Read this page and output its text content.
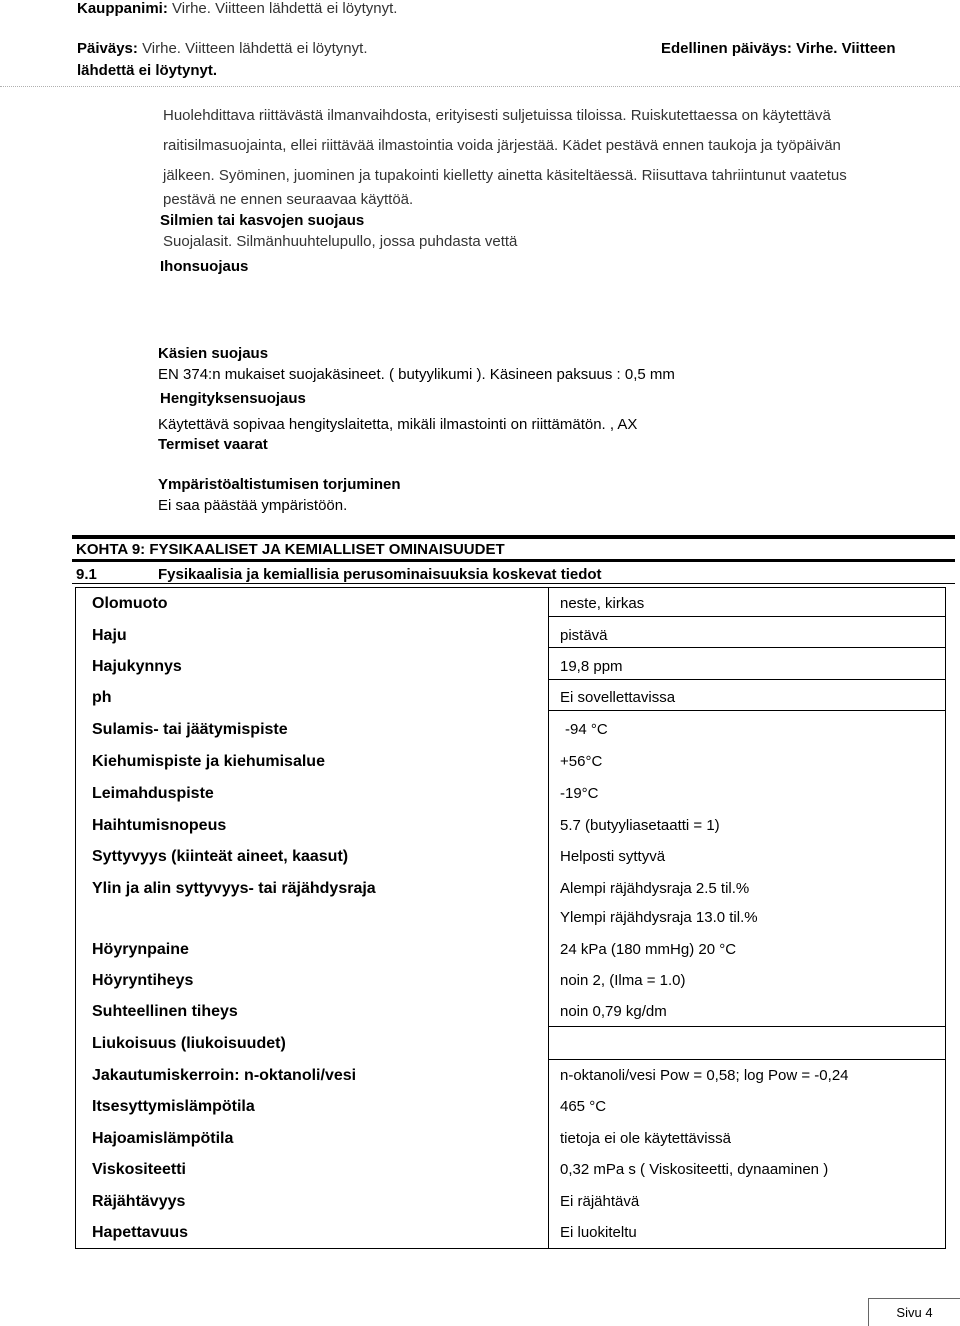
Kauppanimi: Virhe. Viitteen lähdettä ei löytynyt.
Päiväys: Virhe. Viitteen lähdettä ei löytynyt.
lähdettä ei löytynyt.
Edellinen päiväys: Virhe. Viitteen
Huolehdittava riittävästä ilmanvaihdosta, erityisesti suljetuissa tiloissa. Ruiskutettaessa on käytettävä
raitisilmasuojainta, ellei riittävää ilmastointia voida järjestää. Kädet pestävä ennen taukoja ja työpäivän
jälkeen. Syöminen, juominen ja tupakointi kielletty ainetta käsiteltäessä. Riisuttava tahriintunut vaatetus
pestävä ne ennen seuraavaa käyttöä.
Silmien tai kasvojen suojaus
Suojalasit. Silmänhuuhtelupullo, jossa puhdasta vettä
Ihonsuojaus
Käsien suojaus
EN 374:n mukaiset suojakäsineet. ( butyylikumi ). Käsineen paksuus : 0,5 mm
Hengityksensuojaus
Käytettävä sopivaa hengityslaitetta, mikäli ilmastointi on riittämätön. , AX
Termiset vaarat
Ympäristöaltistumisen torjuminen
Ei saa päästää ympäristöön.
KOHTA 9: FYSIKAALISET JA KEMIALLISET OMINAISUUDET
9.1	Fysikaalisia ja kemiallisia perusominaisuuksia koskevat tiedot
Olomuoto	neste, kirkas
Haju	pistävä
Hajukynnys	19,8 ppm
ph	Ei sovellettavissa
Sulamis- tai jäätymispiste	-94 °C
Kiehumispiste ja kiehumisalue	+56°C
Leimahduspiste	-19°C
Haihtumisnopeus	5.7 (butyyliasetaatti = 1)
Syttyvyys (kiinteät aineet, kaasut)	Helposti syttyvä
Ylin ja alin syttyvyys- tai räjähdysraja	Alempi räjähdysraja 2.5 til.%
Ylempi räjähdysraja 13.0 til.%
Höyrynpaine	24 kPa (180 mmHg) 20 °C
Höyryntiheys	noin 2, (Ilma = 1.0)
Suhteellinen tiheys	noin 0,79 kg/dm
Liukoisuus (liukoisuudet)
Jakautumiskerroin: n-oktanoli/vesi	n-oktanoli/vesi Pow = 0,58; log Pow = -0,24
Itsesyttymislämpötila	465 °C
Hajoamislämpötila	tietoja ei ole käytettävissä
Viskositeetti	0,32 mPa s ( Viskositeetti, dynaaminen )
Räjähtävyys	Ei räjähtävä
Hapettavuus	Ei luokiteltu
Sivu 4
